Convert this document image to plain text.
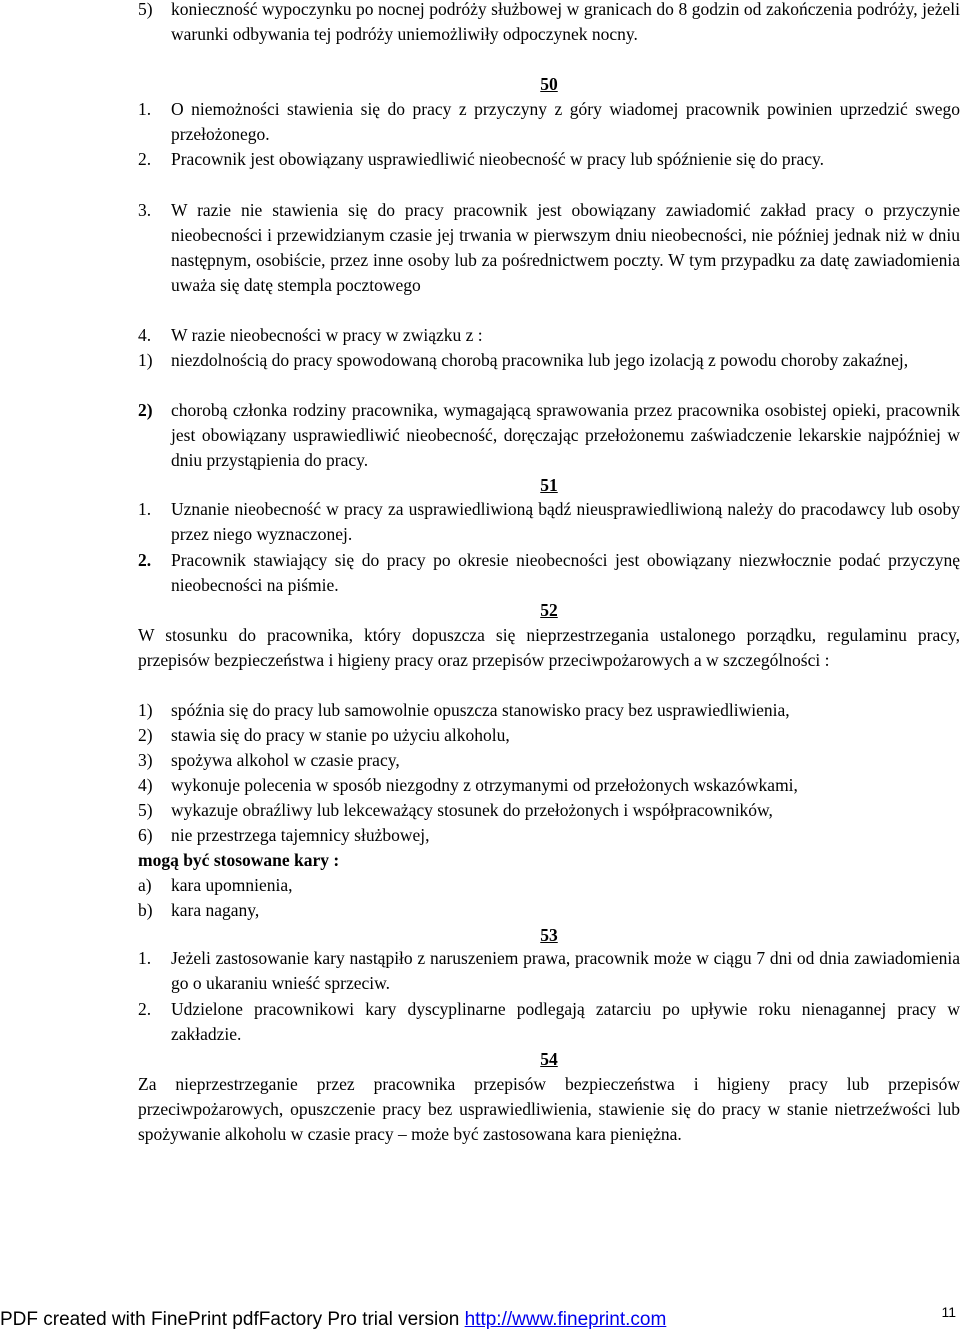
5) konieczność wypoczynku po nocnej podróży służbowej w granicach do 8 godzin od zakończenia podróży, jeżeli warunki odbywania tej podróży uniemożliwiły odpoczynek nocny.
50
1. O niemożności stawienia się do pracy z przyczyny z góry wiadomej pracownik powinien uprzedzić swego przełożonego.
2. Pracownik jest obowiązany usprawiedliwić nieobecność w pracy lub spóźnienie się do pracy.
3. W razie nie stawienia się do pracy pracownik jest obowiązany zawiadomić zakład pracy o przyczynie nieobecności i przewidzianym czasie jej trwania w pierwszym dniu nieobecności, nie później jednak niż w dniu następnym, osobiście, przez inne osoby lub za pośrednictwem poczty. W tym przypadku za datę zawiadomienia uważa się datę stempla pocztowego
4. W razie nieobecności w pracy w związku z :
1) niezdolnością do pracy spowodowaną chorobą pracownika lub jego izolacją z powodu choroby zakaźnej,
2) chorobą członka rodziny pracownika, wymagającą sprawowania przez pracownika osobistej opieki, pracownik jest obowiązany usprawiedliwić nieobecność, doręczając przełożonemu zaświadczenie lekarskie najpóźniej w dniu przystąpienia do pracy.
51
1. Uznanie nieobecność w pracy za usprawiedliwioną bądź nieusprawiedliwioną należy do pracodawcy lub osoby przez niego wyznaczonej.
2. Pracownik stawiający się do pracy po okresie nieobecności jest obowiązany niezwłocznie podać przyczynę nieobecności na piśmie.
52
W stosunku do pracownika, który dopuszcza się nieprzestrzegania ustalonego porządku, regulaminu pracy, przepisów bezpieczeństwa i higieny pracy oraz przepisów przeciwpożarowych a w szczególności :
1) spóźnia się do pracy lub samowolnie opuszcza stanowisko pracy bez usprawiedliwienia,
2) stawia się do pracy w stanie po użyciu alkoholu,
3) spożywa alkohol w czasie pracy,
4) wykonuje polecenia w sposób niezgodny z otrzymanymi od przełożonych wskazówkami,
5) wykazuje obraźliwy lub lekceważący stosunek do przełożonych i współpracowników,
6) nie przestrzega tajemnicy służbowej,
mogą być stosowane kary :
a) kara upomnienia,
b) kara nagany,
53
1. Jeżeli zastosowanie kary nastąpiło z naruszeniem prawa, pracownik może w ciągu 7 dni od dnia zawiadomienia go o ukaraniu wnieść sprzeciw.
2. Udzielone pracownikowi kary dyscyplinarne podlegają zatarciu po upływie roku nienagannej pracy w zakładzie.
54
Za nieprzestrzeganie przez pracownika przepisów bezpieczeństwa i higieny pracy lub przepisów przeciwpożarowych, opuszczenie pracy bez usprawiedliwienia, stawienie się do pracy w stanie nietrzeźwości lub spożywanie alkoholu w czasie pracy – może być zastosowana kara pieniężna.
PDF created with FinePrint pdfFactory Pro trial version http://www.fineprint.com	11
